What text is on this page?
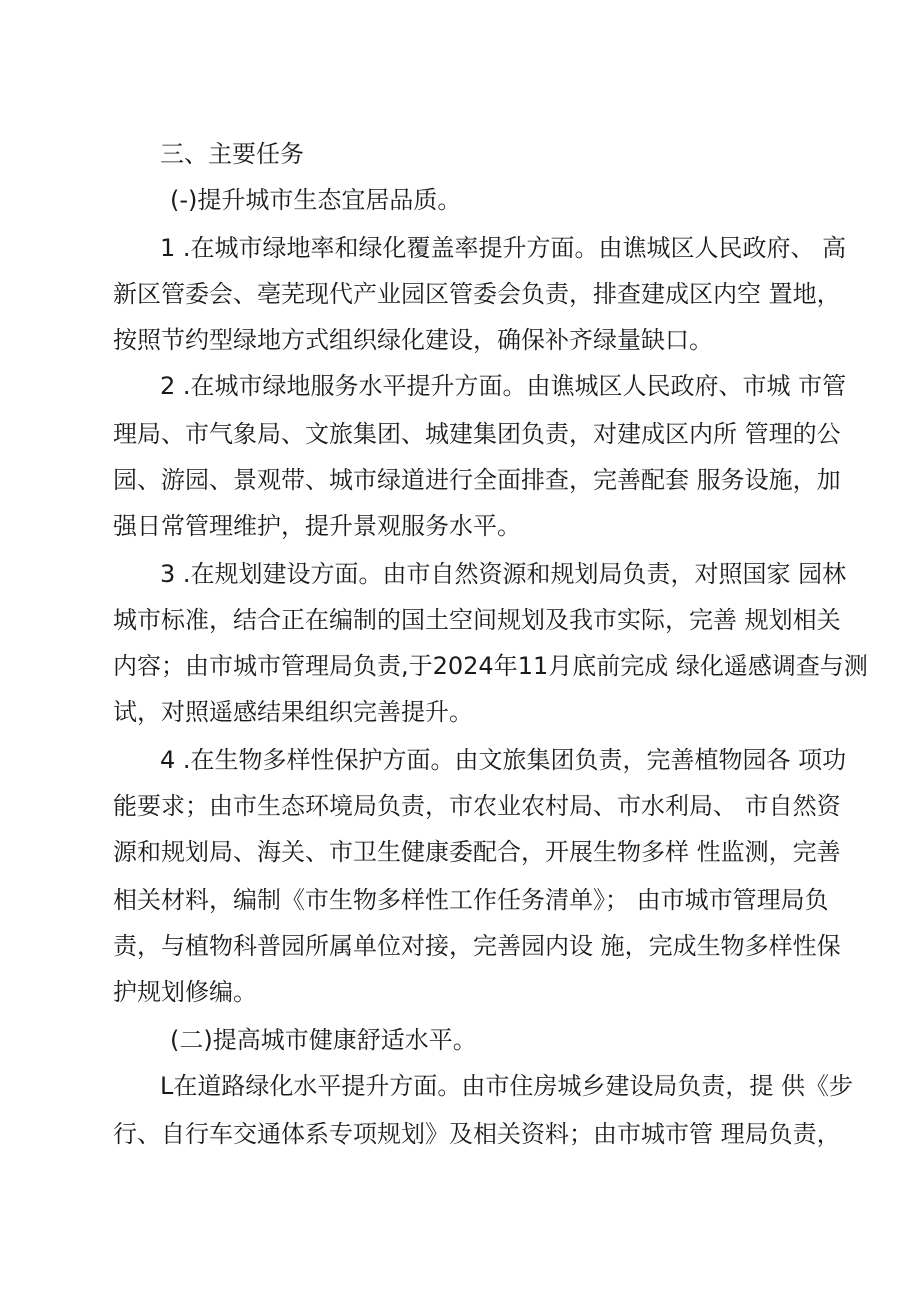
三、主要任务
(-)提升城市生态宜居品质。
1 .在城市绿地率和绿化覆盖率提升方面。由谯城区人民政府、 高
新区管委会、亳芜现代产业园区管委会负责，排查建成区内空 置地，
按照节约型绿地方式组织绿化建设，确保补齐绿量缺口。
2 .在城市绿地服务水平提升方面。由谯城区人民政府、市城 市管
理局、市气象局、文旅集团、城建集团负责，对建成区内所 管理的公
园、游园、景观带、城市绿道进行全面排查，完善配套 服务设施，加
强日常管理维护，提升景观服务水平。
3 .在规划建设方面。由市自然资源和规划局负责，对照国家 园林
城市标准，结合正在编制的国土空间规划及我市实际，完善 规划相关
内容；由市城市管理局负责,于2024年11月底前完成 绿化遥感调查与测
试，对照遥感结果组织完善提升。
4 .在生物多样性保护方面。由文旅集团负责，完善植物园各 项功
能要求；由市生态环境局负责，市农业农村局、市水利局、 市自然资
源和规划局、海关、市卫生健康委配合，开展生物多样 性监测，完善
相关材料，编制《市生物多样性工作任务清单》； 由市城市管理局负
责，与植物科普园所属单位对接，完善园内设 施，完成生物多样性保
护规划修编。
(二)提高城市健康舒适水平。
L在道路绿化水平提升方面。由市住房城乡建设局负责，提 供《步
行、自行车交通体系专项规划》及相关资料；由市城市管 理局负责，
